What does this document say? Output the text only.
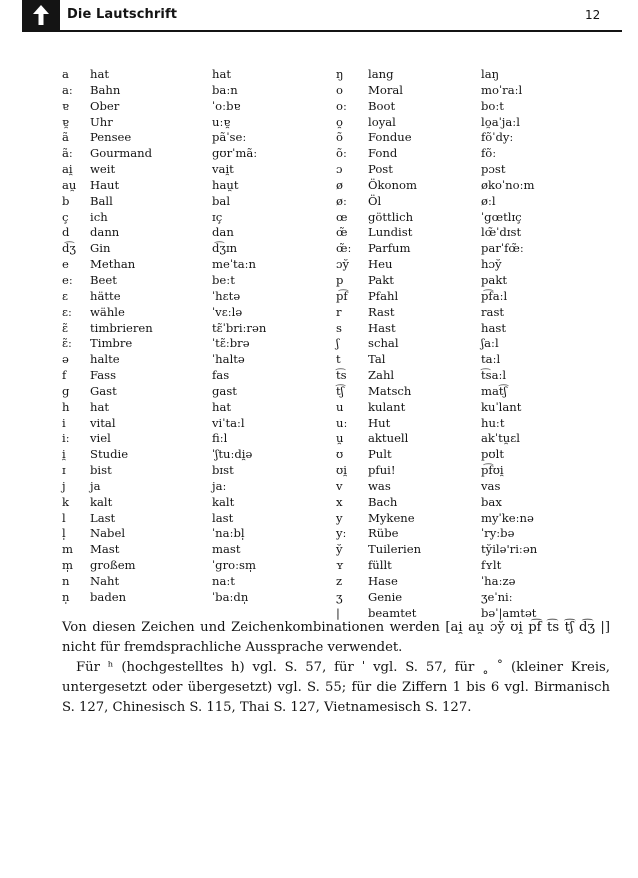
Die Lautschrift	12
a hat	hat
aː Bahn	baːn
ɐ Ober	ˈoːbɐ
ɐ̯ Uhr	uːɐ̯
ã Pensee	pãˈseː
ãː Gourmand	gʊrˈmãː
ai̯ weit	vai̯t
au̯ Haut	hau̯t
b Ball	bal
ç ich	ɪç
d dann	dan
d͡ʒ Gin	d͡ʒɪn
e Methan	meˈtaːn
eː Beet	beːt
ɛ hätte	ˈhɛtə
ɛː wähle	ˈvɛːlə
ɛ̃ timbrieren	tɛ̃ˈbriːrən
ɛ̃ː Timbre	ˈtɛ̃ːbrə
ə halte	ˈhaltə
f Fass	fas
g Gast	gast
h hat	hat
i vital	viˈtaːl
iː viel	fiːl
i̯ Studie	ˈʃtuːdi̯ə
ɪ bist	bɪst
j ja	jaː
k kalt	kalt
l Last	last
l̩ Nabel	ˈnaːbl̩
m Mast	mast
m̩ großem	ˈgroːsm̩
n Naht	naːt
n̩ baden	ˈbaːdn̩
ŋ lang	laŋ
o Moral	moˈraːl
oː Boot	boːt
o̯ loyal	lo̯aˈjaːl
õ Fondue	fõˈdyː
õː Fond	fõː
ɔ Post	pɔst
ø Ökonom	økoˈnoːm
øː Öl	øːl
œ göttlich	ˈgœtlɪç
œ̃ Lundist	lœ̃ˈdɪst
œ̃ː Parfum	parˈfœ̃ː
ɔy̆ Heu	hɔy̆
p Pakt	pakt
p͡f Pfahl	p͡faːl
r Rast	rast
s Hast	hast
ʃ schal	ʃaːl
t Tal	taːl
t͡s Zahl	t͡saːl
t͡ʃ Matsch	mat͡ʃ
u kulant	kuˈlant
uː Hut	huːt
u̯ aktuell	akˈtu̯ɛl
ʊ Pult	pʊlt
ʊi̯ pfui!	p͡fʊi̯
v was	vas
x Bach	bax
y Mykene	myˈkeːnə
yː Rübe	ˈryːbə
y̆ Tuilerien	ty̆ilə'riːən
ʏ füllt	fʏlt
z Hase	ˈhaːzə
ʒ Genie	ʒeˈniː
| beamtet	bəˈ|amtət

Von diesen Zeichen und Zeichenkombinationen werden [ai̯ au̯ ɔy̆ ʊi̯ p͡f t͡s t͡ʃ d͡ʒ |] nicht für fremdsprachliche Aussprache verwendet.

Für ʰ (hochgestelltes h) vgl. S. 57, für ˈ vgl. S. 57, für ˳ ˚ (kleiner Kreis, untergesetzt oder übergesetzt) vgl. S. 55; für die Ziffern 1 bis 6 vgl. Birmanisch S. 127, Chinesisch S. 115, Thai S. 127, Vietnamesisch S. 127.
